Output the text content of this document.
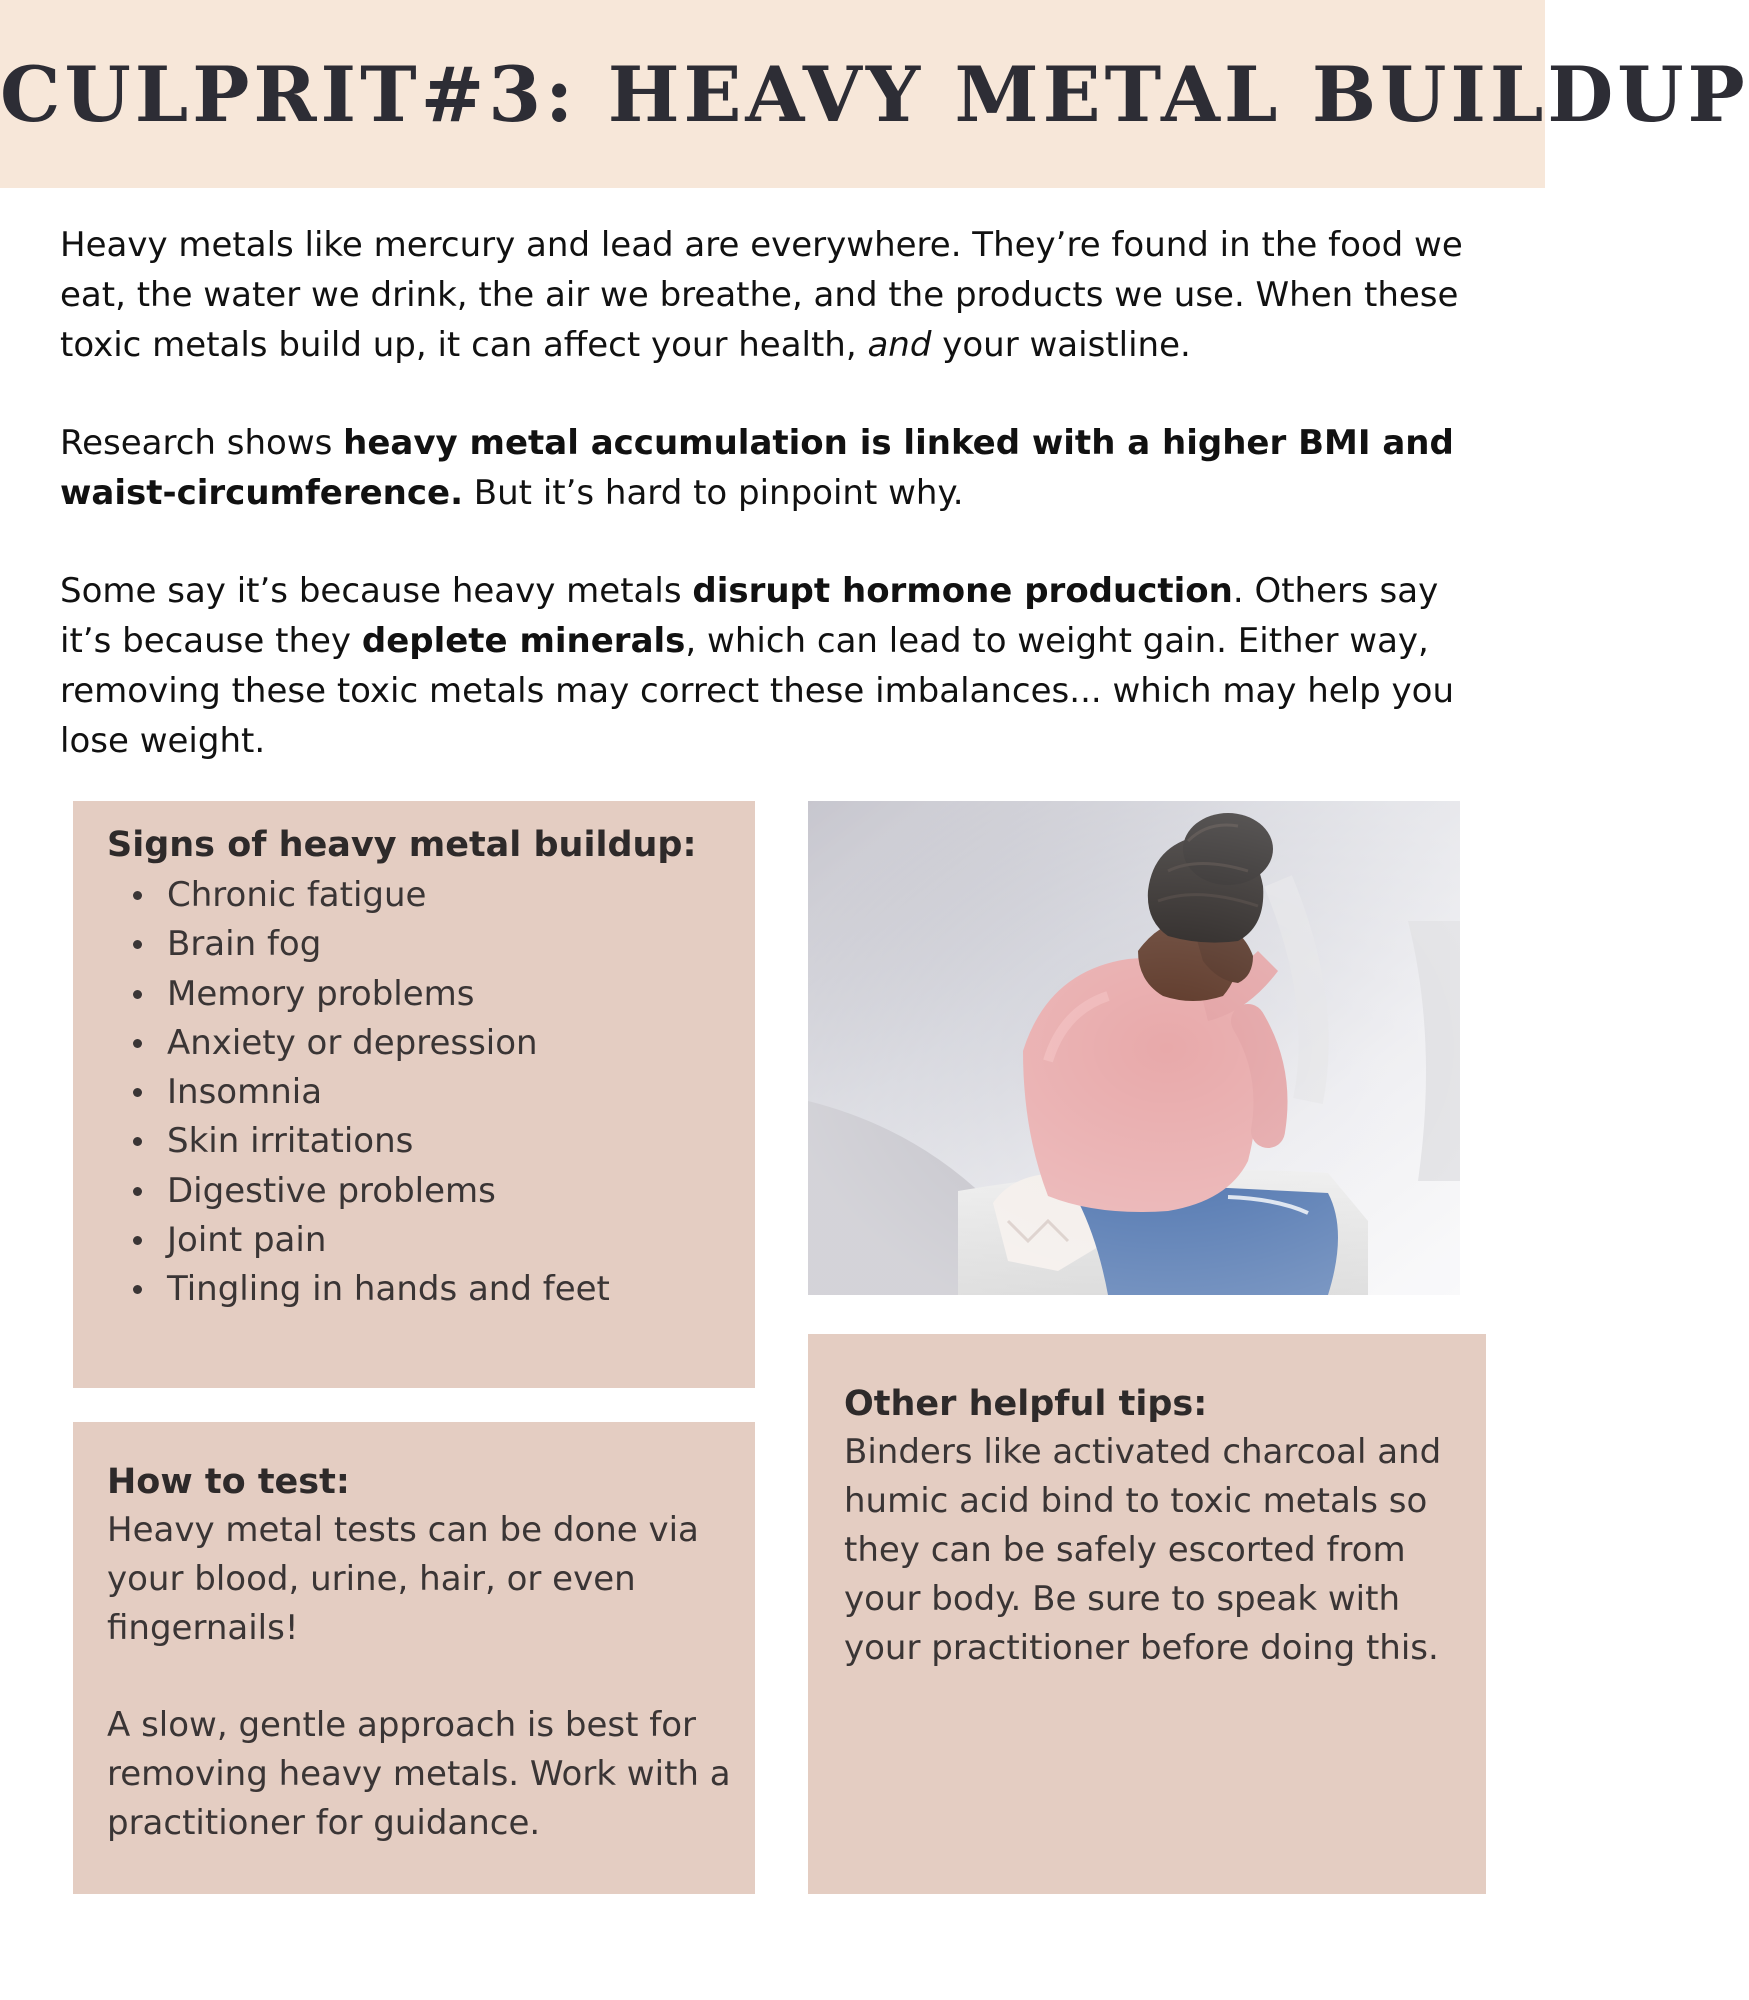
CULPRIT#3: HEAVY METAL BUILDUP

Heavy metals like mercury and lead are everywhere. They’re found in the food we eat, the water we drink, the air we breathe, and the products we use. When these toxic metals build up, it can affect your health, and your waistline.

Research shows heavy metal accumulation is linked with a higher BMI and waist-circumference. But it’s hard to pinpoint why.

Some say it’s because heavy metals disrupt hormone production. Others say it’s because they deplete minerals, which can lead to weight gain. Either way, removing these toxic metals may correct these imbalances... which may help you lose weight.

Signs of heavy metal buildup:
Chronic fatigue
Brain fog
Memory problems
Anxiety or depression
Insomnia
Skin irritations
Digestive problems
Joint pain
Tingling in hands and feet
Other helpful tips:

Binders like activated charcoal and humic acid bind to toxic metals so they can be safely escorted from your body. Be sure to speak with your practitioner before doing this.

How to test:

Heavy metal tests can be done via your blood, urine, hair, or even fingernails!

A slow, gentle approach is best for removing heavy metals. Work with a practitioner for guidance.
